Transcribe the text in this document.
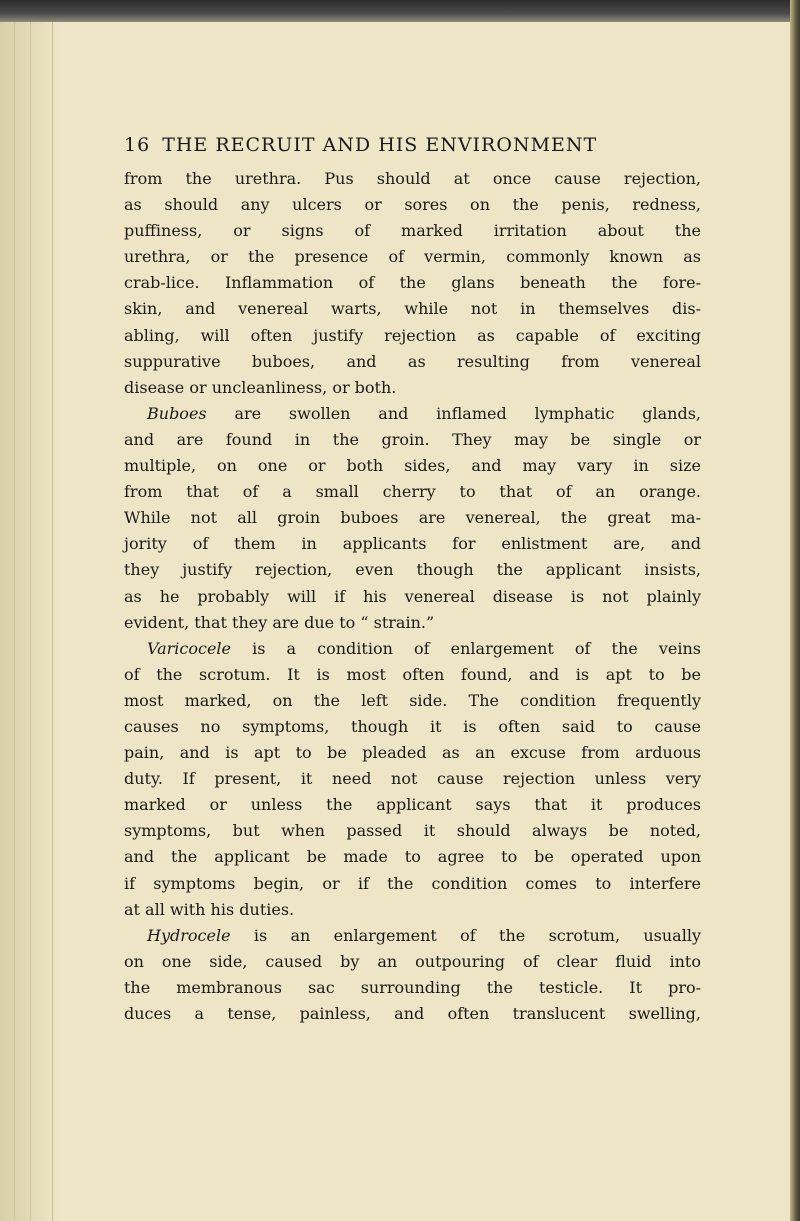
16 THE RECRUIT AND HIS ENVIRONMENT

from the urethra. Pus should at once cause rejection,
as should any ulcers or sores on the penis, redness,
puffiness, or signs of marked irritation about the
urethra, or the presence of vermin, commonly known as
crab-lice. Inflammation of the glans beneath the fore-
skin, and venereal warts, while not in themselves dis-
abling, will often justify rejection as capable of exciting
suppurative buboes, and as resulting from venereal
disease or uncleanliness, or both.

Buboes are swollen and inflamed lymphatic glands,
and are found in the groin. They may be single or
multiple, on one or both sides, and may vary in size
from that of a small cherry to that of an orange.
While not all groin buboes are venereal, the great ma-
jority of them in applicants for enlistment are, and
they justify rejection, even though the applicant insists,
as he probably will if his venereal disease is not plainly
evident, that they are due to “ strain.”

Varicocele is a condition of enlargement of the veins
of the scrotum. It is most often found, and is apt to be
most marked, on the left side. The condition frequently
causes no symptoms, though it is often said to cause
pain, and is apt to be pleaded as an excuse from arduous
duty. If present, it need not cause rejection unless very
marked or unless the applicant says that it produces
symptoms, but when passed it should always be noted,
and the applicant be made to agree to be operated upon
if symptoms begin, or if the condition comes to interfere
at all with his duties.

Hydrocele is an enlargement of the scrotum, usually
on one side, caused by an outpouring of clear fluid into
the membranous sac surrounding the testicle. It pro-
duces a tense, painless, and often translucent swelling,
